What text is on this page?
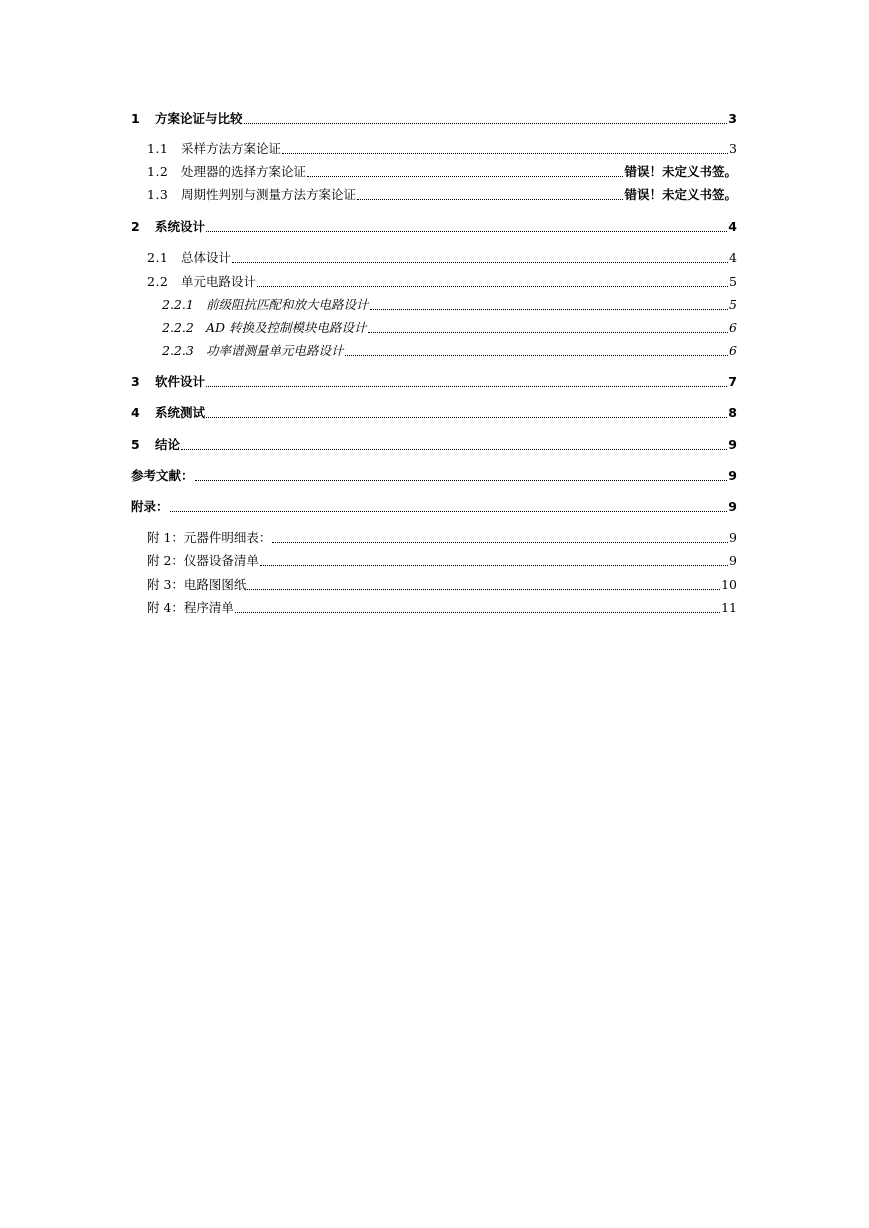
1	方案论证与比较	3
1.1	采样方法方案论证	3
1.2	处理器的选择方案论证	错误！未定义书签。
1.3	周期性判别与测量方法方案论证	错误！未定义书签。
2	系统设计	4
2.1	总体设计	4
2.2	单元电路设计	5
2.2.1 前级阻抗匹配和放大电路设计	5
2.2.2 AD 转换及控制模块电路设计	6
2.2.3 功率谱测量单元电路设计	6
3	软件设计	7
4	系统测试	8
5	结论	9
参考文献：	9
附录：	9
附 1：元器件明细表：	9
附 2：仪器设备清单	9
附 3：电路图图纸	10
附 4：程序清单	11
